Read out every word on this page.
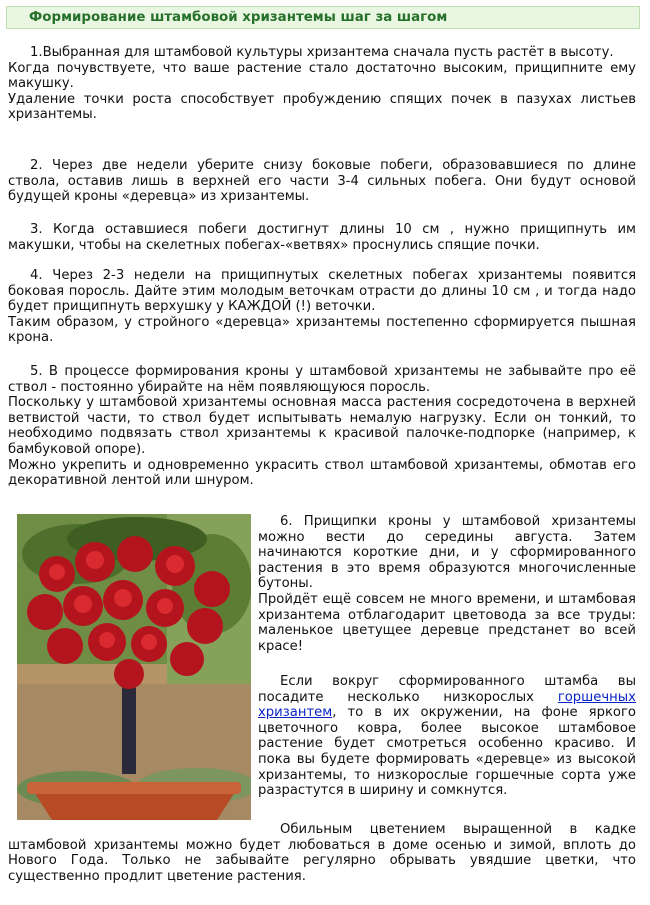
Формирование штамбовой хризантемы шаг за шагом
1.Выбранная для штамбовой культуры хризантема сначала пусть растёт в высоту.
Когда почувствуете, что ваше растение стало достаточно высоким, прищипните ему макушку.
Удаление точки роста способствует пробуждению спящих почек в пазухах листьев хризантемы.
2. Через две недели уберите снизу боковые побеги, образовавшиеся по длине ствола, оставив лишь в верхней его части 3-4 сильных побега. Они будут основой будущей кроны «деревца» из хризантемы.
3. Когда оставшиеся побеги достигнут длины 10 см , нужно прищипнуть им макушки, чтобы на скелетных побегах-«ветвях» проснулись спящие почки.
4. Через 2-3 недели на прищипнутых скелетных побегах хризантемы появится боковая поросль. Дайте этим молодым веточкам отрасти до длины 10 см , и тогда надо будет прищипнуть верхушку у КАЖДОЙ (!) веточки.
Таким образом, у стройного «деревца» хризантемы постепенно сформируется пышная крона.
5. В процессе формирования кроны у штамбовой хризантемы не забывайте про её ствол - постоянно убирайте на нём появляющуюся поросль.
Поскольку у штамбовой хризантемы основная масса растения сосредоточена в верхней ветвистой части, то ствол будет испытывать немалую нагрузку. Если он тонкий, то необходимо подвязать ствол хризантемы к красивой палочке-подпорке (например, к бамбуковой опоре).
Можно укрепить и одновременно украсить ствол штамбовой хризантемы, обмотав его декоративной лентой или шнуром.
6. Прищипки кроны у штамбовой хризантемы можно вести до середины августа. Затем начинаются короткие дни, и у сформированного растения в это время образуются многочисленные бутоны.
Пройдёт ещё совсем не много времени, и штамбовая хризантема отблагодарит цветовода за все труды: маленькое цветущее деревце предстанет во всей красе!
Если вокруг сформированного штамба вы посадите несколько низкорослых горшечных хризантем, то в их окружении, на фоне яркого цветочного ковра, более высокое штамбовое растение будет смотреться особенно красиво. И пока вы будете формировать «деревце» из высокой хризантемы, то низкорослые горшечные сорта уже разрастутся в ширину и сомкнутся.
Обильным цветением выращенной в кадке штамбовой хризантемы можно будет любоваться в доме осенью и зимой, вплоть до Нового Года. Только не забывайте регулярно обрывать увядшие цветки, что существенно продлит цветение растения.
